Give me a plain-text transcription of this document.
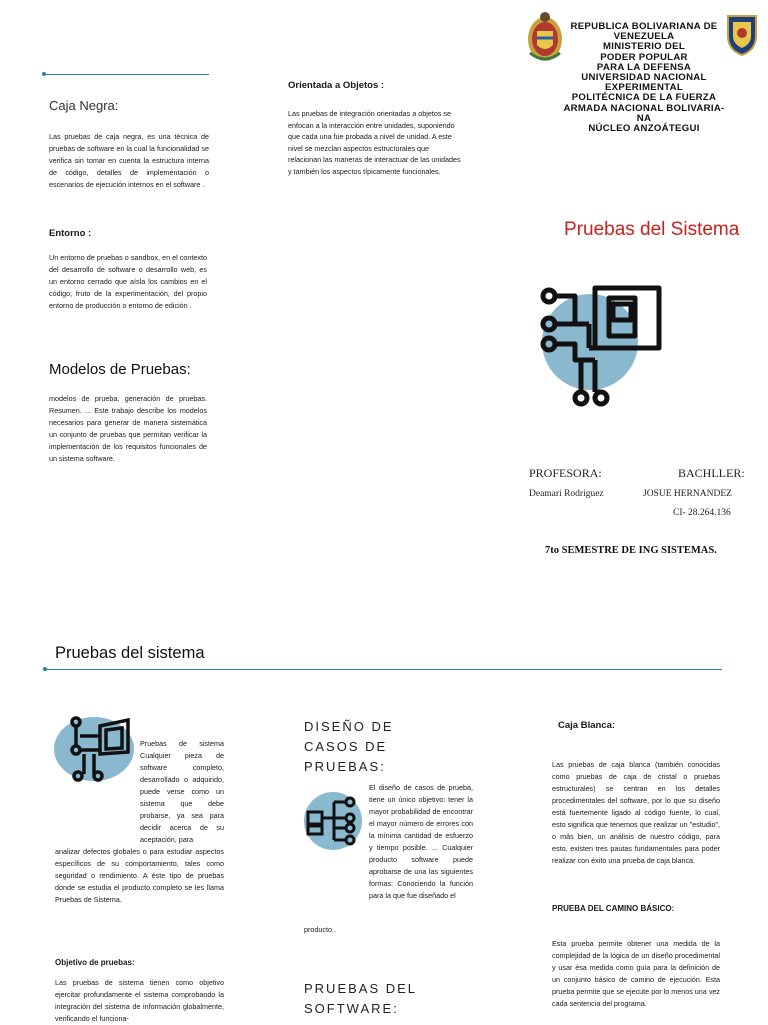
Caja Negra:
Las pruebas de caja negra, es una técnica de pruebas de software en la cual la funcionalidad se verifica sin tomar en cuenta la estructura interna de código, detalles de implementación o escenarios de ejecución internos en el software .
Entorno :
Un entorno de pruebas o sandbox, en el contexto del desarrollo de software o desarrollo web, es un entorno cerrado que aísla los cambios en el código, fruto de la experimentación, del propio entorno de producción o entorno de edición .
Modelos de Pruebas:
modelos de prueba, generación de pruebas. Resumen. ... Este trabajo describe los modelos necesarios para generar de manera sistemática un conjunto de pruebas que permitan verificar la implementación de los requisitos funcionales de un sistema software.
Orientada a Objetos :
Las pruebas de integración orientadas a objetos se enfocan a la interacción entre unidades, suponiendo que cada una fue probada a nivel de unidad. A este nivel se mezclan aspectos estructurales que relacionan las maneras de interactuar de las unidades y también los aspectos típicamente funcionales.
REPUBLICA BOLIVARIANA DE
VENEZUELA
MINISTERIO DEL
PODER POPULAR
PARA LA DEFENSA
UNIVERSIDAD NACIONAL
EXPERIMENTAL
POLITÉCNICA DE LA FUERZA
ARMADA NACIONAL BOLIVARIA-
NA
NÚCLEO ANZOÁTEGUI
Pruebas del Sistema
PROFESORA:	BACHLLER:
Deamari Rodriguez	JOSUE HERNANDEZ
CI- 28.264.136
7to SEMESTRE DE ING SISTEMAS.
Pruebas del sistema
Pruebas de sistema Cualquier pieza de software completo, desarrollado o adquirido, puede verse como un sistema que debe probarse, ya sea para decidir acerca de su aceptación, para
analizar defectos globales o para estudiar aspectos específicos de su comportamiento, tales como seguridad o rendimiento. A éste tipo de pruebas donde se estudia el producto completo se les llama Pruebas de Sistema.
Objetivo de pruebas:
Las pruebas de sistema tienen como objetivo ejercitar profundamente el sistema comprobando la integración del sistema de información globalmente, verificando el funciona-
DISEÑO DE CASOS DE PRUEBAS:
El diseño de casos de prueba, tiene un único objetivo: tener la mayor probabilidad de encontrar el mayor número de errores con la mínima cantidad de esfuerzo y tiempo posible. ... Cualquier producto software puede aprobarse de una las siguientes formas: Conociendo la función para la que fue diseñado el
producto .
PRUEBAS DEL SOFTWARE:
Caja Blanca:
Las pruebas de caja blanca (también conocidas como pruebas de caja de cristal o pruebas estructurales) se centran en los detalles procedimentales del software, por lo que su diseño está fuertemente ligado al código fuente, lo cual, esto significa que tenemos que realizar un "estudio", o más bien, un análisis de nuestro código, para esto, existen tres pautas fundamentales para poder realizar con éxito una prueba de caja blanca.
PRUEBA DEL CAMINO BÁSICO:
Esta prueba permite obtener una medida de la complejidad de la lógica de un diseño procedimental y usar ésa medida como guía para la definición de un conjunto básico de camino de ejecución. Esta prueba permite que se ejecute por lo menos una vez cada sentencia del programa.
